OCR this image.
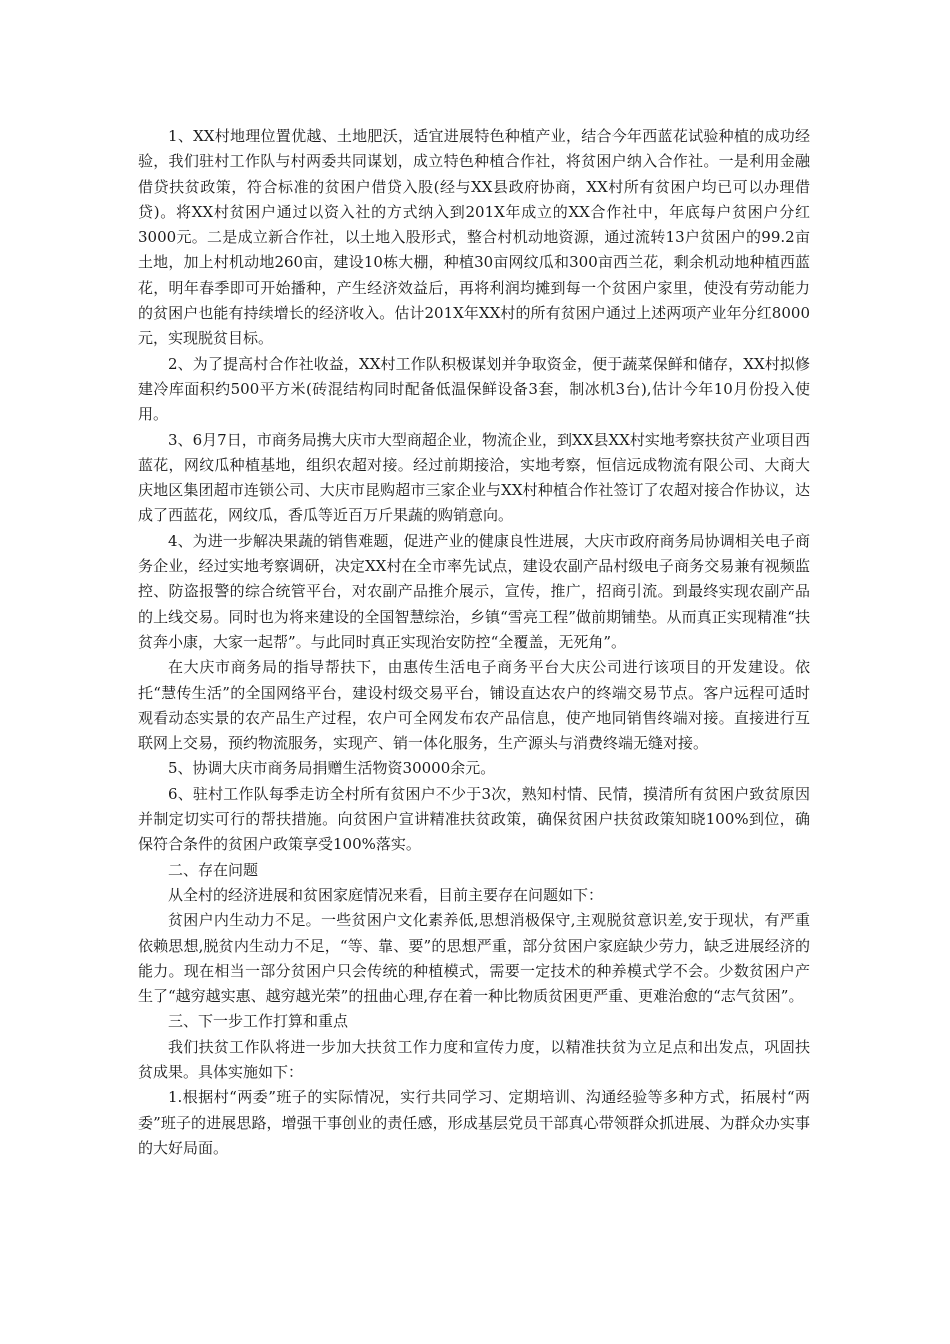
1、XX村地理位置优越、土地肥沃，适宜进展特色种植产业，结合今年西蓝花试验种植的成功经验，我们驻村工作队与村两委共同谋划，成立特色种植合作社，将贫困户纳入合作社。一是利用金融借贷扶贫政策，符合标准的贫困户借贷入股(经与XX县政府协商，XX村所有贫困户均已可以办理借贷)。将XX村贫困户通过以资入社的方式纳入到201X年成立的XX合作社中，年底每户贫困户分红3000元。二是成立新合作社，以土地入股形式，整合村机动地资源，通过流转13户贫困户的99.2亩土地，加上村机动地260亩，建设10栋大棚，种植30亩网纹瓜和300亩西兰花，剩余机动地种植西蓝花，明年春季即可开始播种，产生经济效益后，再将利润均摊到每一个贫困户家里，使没有劳动能力的贫困户也能有持续增长的经济收入。估计201X年XX村的所有贫困户通过上述两项产业年分红8000元，实现脱贫目标。

2、为了提高村合作社收益，XX村工作队积极谋划并争取资金，便于蔬菜保鲜和储存，XX村拟修建冷库面积约500平方米(砖混结构同时配备低温保鲜设备3套，制冰机3台),估计今年10月份投入使用。

3、6月7日，市商务局携大庆市大型商超企业，物流企业，到XX县XX村实地考察扶贫产业项目西蓝花，网纹瓜种植基地，组织农超对接。经过前期接洽，实地考察，恒信远成物流有限公司、大商大庆地区集团超市连锁公司、大庆市昆购超市三家企业与XX村种植合作社签订了农超对接合作协议，达成了西蓝花，网纹瓜，香瓜等近百万斤果蔬的购销意向。

4、为进一步解决果蔬的销售难题，促进产业的健康良性进展，大庆市政府商务局协调相关电子商务企业，经过实地考察调研，决定XX村在全市率先试点，建设农副产品村级电子商务交易兼有视频监控、防盗报警的综合统管平台，对农副产品推介展示，宣传，推广，招商引流。到最终实现农副产品的上线交易。同时也为将来建设的全国智慧综治，乡镇“雪亮工程”做前期铺垫。从而真正实现精准“扶贫奔小康，大家一起帮”。与此同时真正实现治安防控“全覆盖，无死角”。

在大庆市商务局的指导帮扶下，由惠传生活电子商务平台大庆公司进行该项目的开发建设。依托“慧传生活”的全国网络平台，建设村级交易平台，铺设直达农户的终端交易节点。客户远程可适时观看动态实景的农产品生产过程，农户可全网发布农产品信息，使产地同销售终端对接。直接进行互联网上交易，预约物流服务，实现产、销一体化服务，生产源头与消费终端无缝对接。

5、协调大庆市商务局捐赠生活物资30000余元。

6、驻村工作队每季走访全村所有贫困户不少于3次，熟知村情、民情，摸清所有贫困户致贫原因并制定切实可行的帮扶措施。向贫困户宣讲精准扶贫政策，确保贫困户扶贫政策知晓100%到位，确保符合条件的贫困户政策享受100%落实。

二、存在问题

从全村的经济进展和贫困家庭情况来看，目前主要存在问题如下：

贫困户内生动力不足。一些贫困户文化素养低,思想消极保守,主观脱贫意识差,安于现状，有严重依赖思想,脱贫内生动力不足，“等、靠、要”的思想严重，部分贫困户家庭缺少劳力，缺乏进展经济的能力。现在相当一部分贫困户只会传统的种植模式，需要一定技术的种养模式学不会。少数贫困户产生了“越穷越实惠、越穷越光荣”的扭曲心理,存在着一种比物质贫困更严重、更难治愈的“志气贫困”。

三、下一步工作打算和重点

我们扶贫工作队将进一步加大扶贫工作力度和宣传力度，以精准扶贫为立足点和出发点，巩固扶贫成果。具体实施如下：

1.根据村“两委”班子的实际情况，实行共同学习、定期培训、沟通经验等多种方式，拓展村“两委”班子的进展思路，增强干事创业的责任感，形成基层党员干部真心带领群众抓进展、为群众办实事的大好局面。
